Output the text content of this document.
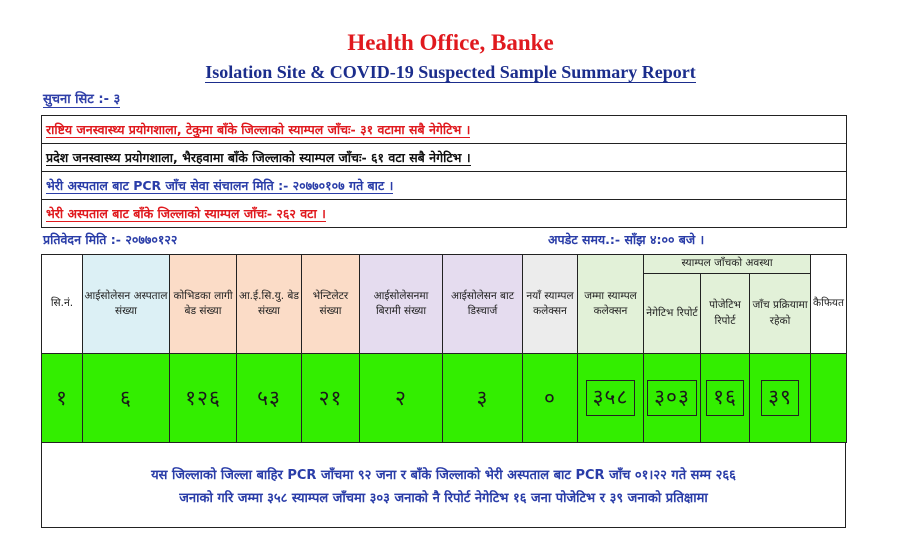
Health Office, Banke
Isolation Site & COVID-19 Suspected Sample Summary Report
सुचना सिट :- ३
राष्टिय जनस्वास्थ्य प्रयोगशाला, टेकुमा बाँके जिल्लाको स्याम्पल जाँचः- ३१ वटामा सबै नेगेटिभ ।
प्रदेश जनस्वास्थ्य प्रयोगशाला, भैरहवामा बाँके जिल्लाको स्याम्पल जाँचः- ६१ वटा सबै नेगेटिभ ।
भेरी अस्पताल बाट PCR जाँच सेवा संचालन मिति :- २०७७०१०७ गते बाट ।
भेरी अस्पताल बाट बाँके जिल्लाको स्याम्पल जाँचः- २६२ वटा ।
प्रतिवेदन मिति :- २०७७०१२२	अपडेट समय.:- साँझ ४:०० बजे ।
सि.नं.	आईसोलेसन अस्पताल संख्या	कोभिडका लागी बेड संख्या	आ.ई.सि.यु. बेड संख्या	भेन्टिलेटर संख्या	आईसोलेसनमा बिरामी संख्या	आईसोलेसन बाट डिस्चार्ज	नयाँ स्याम्पल कलेक्सन	जम्मा स्याम्पल कलेक्सन	स्याम्पल जाँचको अवस्था			कैफियत
									नेगेटिभ रिपोर्ट	पोजेटिभ रिपोर्ट	जाँच प्रक्रियामा रहेको	
१	६	१२६	५३	२१	२	३	०	३५८	३०३	१६	३९	
यस जिल्लाको जिल्ला बाहिर PCR जाँचमा ९२ जना र बाँके जिल्लाको भेरी अस्पताल बाट PCR जाँच ०१।२२ गते सम्म २६६
जनाको गरि जम्मा ३५८ स्याम्पल जाँचमा ३०३ जनाको नै रिपोर्ट नेगेटिभ १६ जना पोजेटिभ र ३९ जनाको प्रतिक्षामा
